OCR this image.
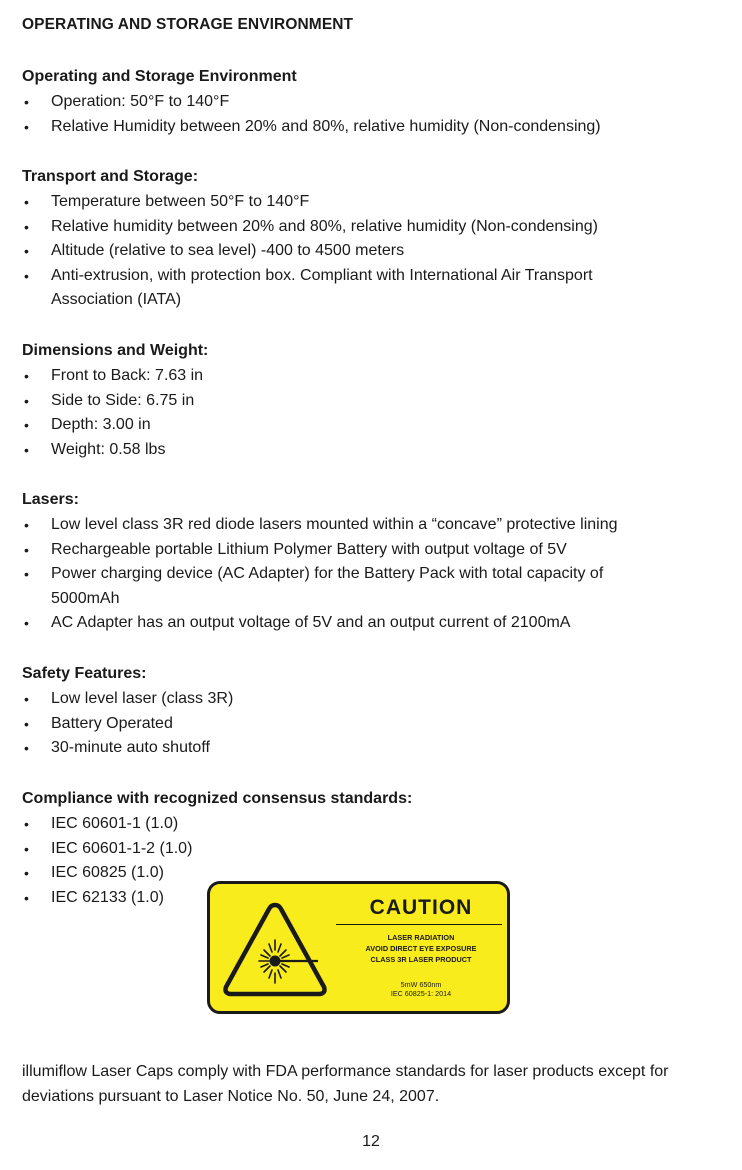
OPERATING AND STORAGE ENVIRONMENT
Operating and Storage Environment
• Operation: 50°F to 140°F
• Relative Humidity between 20% and 80%, relative humidity (Non-condensing)
Transport and Storage:
• Temperature between 50°F to 140°F
• Relative humidity between 20% and 80%, relative humidity (Non-condensing)
• Altitude (relative to sea level) -400 to 4500 meters
• Anti-extrusion, with protection box. Compliant with International Air Transport Association (IATA)
Dimensions and Weight:
• Front to Back: 7.63 in
• Side to Side: 6.75 in
• Depth: 3.00 in
• Weight: 0.58 lbs
Lasers:
• Low level class 3R red diode lasers mounted within a “concave” protective lining
• Rechargeable portable Lithium Polymer Battery with output voltage of 5V
• Power charging device (AC Adapter) for the Battery Pack with total capacity of 5000mAh
• AC Adapter has an output voltage of 5V and an output current of 2100mA
Safety Features:
• Low level laser (class 3R)
• Battery Operated
• 30-minute auto shutoff
Compliance with recognized consensus standards:
• IEC 60601-1 (1.0)
• IEC 60601-1-2 (1.0)
• IEC 60825 (1.0)
• IEC 62133 (1.0)	CAUTION
LASER RADIATION
AVOID DIRECT EYE EXPOSURE
CLASS 3R LASER PRODUCT
5mW 650nm
IEC 60825-1: 2014
illumiflow Laser Caps comply with FDA performance standards for laser products except for deviations pursuant to Laser Notice No. 50, June 24, 2007.
12
